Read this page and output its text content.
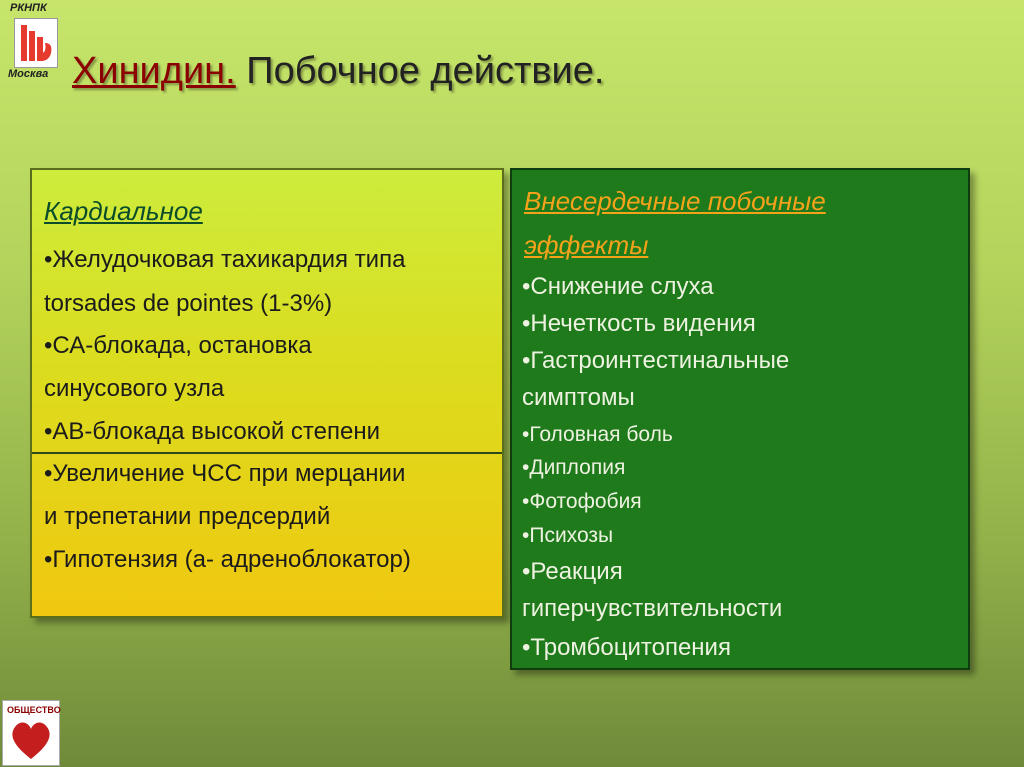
РКНПК
Москва Хинидин. Побочное действие.
Кардиальное
•Желудочковая тахикардия типа
torsades de pointes (1-3%)
•СА-блокада, остановка
синусового узла
•АВ-блокада высокой степени
•Увеличение ЧСС при мерцании
и трепетании предсердий
•Гипотензия (а- адреноблокатор)
Внесердечные побочные
эффекты
•Снижение слуха
•Нечеткость видения
•Гастроинтестинальные
симптомы
•Головная боль
•Диплопия
•Фотофобия
•Психозы
•Реакция
гиперчувствительности
•Тромбоцитопения
ОБЩЕСТВО
